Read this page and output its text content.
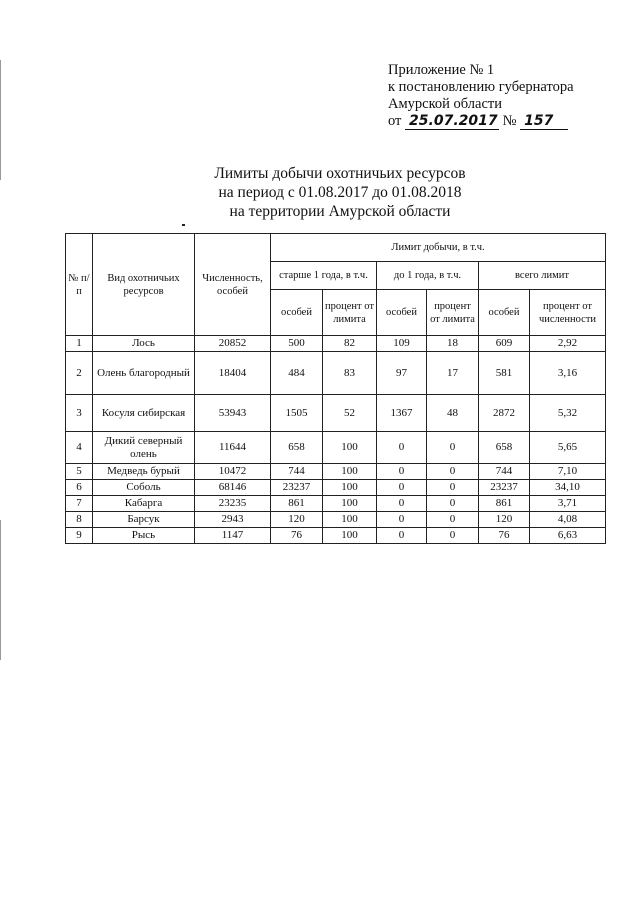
Приложение № 1
к постановлению губернатора
Амурской области
от 25.07.2017 № 157
Лимиты добычи охотничьих ресурсов
на период с 01.08.2017 до 01.08.2018
на территории Амурской области
№ п/п	Вид охотничьих ресурсов	Численность, особей	Лимит добычи, в т.ч.					
			старше 1 года, в т.ч.		до 1 года, в т.ч.		всего лимит	
			особей	процент от лимита	особей	процент от лимита	особей	процент от численности
1	Лось	20852	500	82	109	18	609	2,92
2	Олень благородный	18404	484	83	97	17	581	3,16
3	Косуля сибирская	53943	1505	52	1367	48	2872	5,32
4	Дикий северный олень	11644	658	100	0	0	658	5,65
5	Медведь бурый	10472	744	100	0	0	744	7,10
6	Соболь	68146	23237	100	0	0	23237	34,10
7	Кабарга	23235	861	100	0	0	861	3,71
8	Барсук	2943	120	100	0	0	120	4,08
9	Рысь	1147	76	100	0	0	76	6,63
